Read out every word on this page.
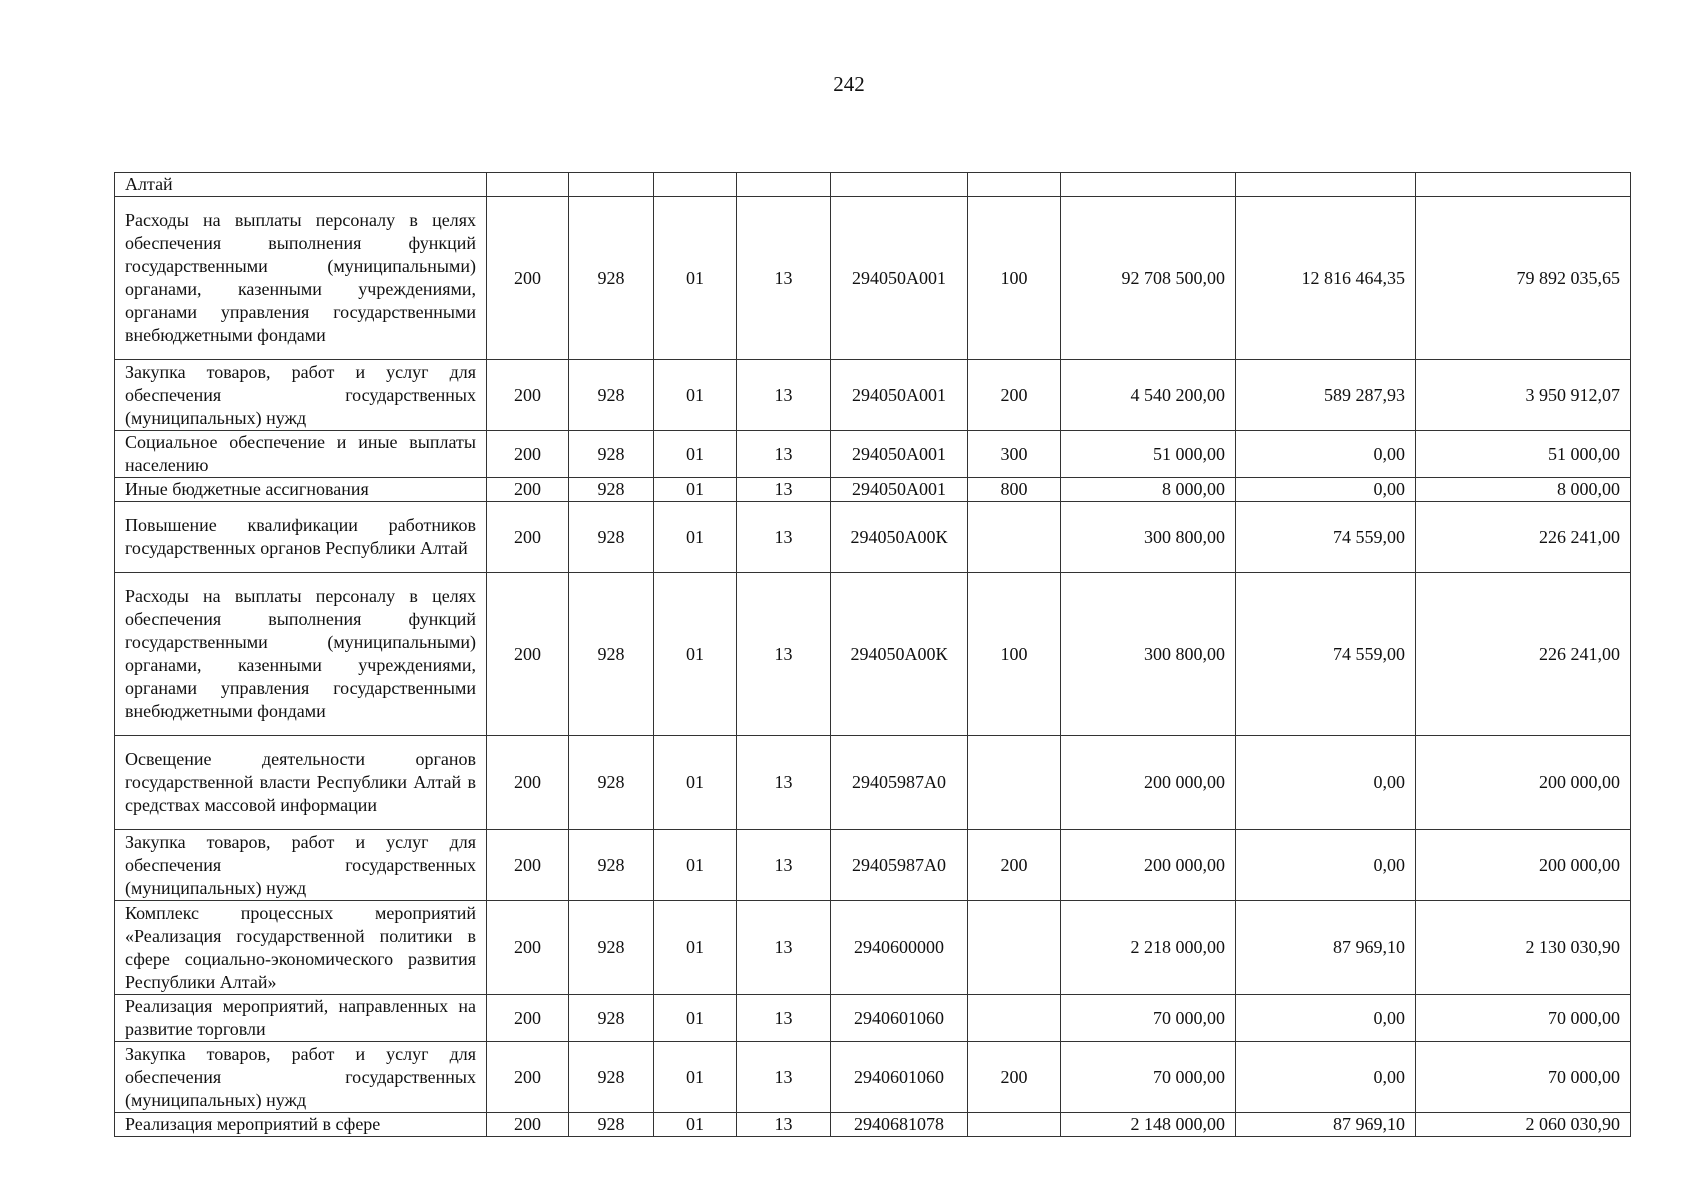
242
Алтай									
Расходы на выплаты персоналу в целях обеспечения выполнения функций государственными (муниципальными) органами, казенными учреждениями, органами управления государственными внебюджетными фондами	200	928	01	13	294050А001	100	92 708 500,00	12 816 464,35	79 892 035,65
Закупка товаров, работ и услуг для обеспечения государственных (муниципальных) нужд	200	928	01	13	294050А001	200	4 540 200,00	589 287,93	3 950 912,07
Социальное обеспечение и иные выплаты населению	200	928	01	13	294050А001	300	51 000,00	0,00	51 000,00
Иные бюджетные ассигнования	200	928	01	13	294050А001	800	8 000,00	0,00	8 000,00
Повышение квалификации работников государственных органов Республики Алтай	200	928	01	13	294050А00К		300 800,00	74 559,00	226 241,00
Расходы на выплаты персоналу в целях обеспечения выполнения функций государственными (муниципальными) органами, казенными учреждениями, органами управления государственными внебюджетными фондами	200	928	01	13	294050А00К	100	300 800,00	74 559,00	226 241,00
Освещение деятельности органов государственной власти Республики Алтай в средствах массовой информации	200	928	01	13	29405987А0		200 000,00	0,00	200 000,00
Закупка товаров, работ и услуг для обеспечения государственных (муниципальных) нужд	200	928	01	13	29405987А0	200	200 000,00	0,00	200 000,00
Комплекс процессных мероприятий «Реализация государственной политики в сфере социально-экономического развития Республики Алтай»	200	928	01	13	2940600000		2 218 000,00	87 969,10	2 130 030,90
Реализация мероприятий, направленных на развитие торговли	200	928	01	13	2940601060		70 000,00	0,00	70 000,00
Закупка товаров, работ и услуг для обеспечения государственных (муниципальных) нужд	200	928	01	13	2940601060	200	70 000,00	0,00	70 000,00
Реализация мероприятий в сфере	200	928	01	13	2940681078		2 148 000,00	87 969,10	2 060 030,90
